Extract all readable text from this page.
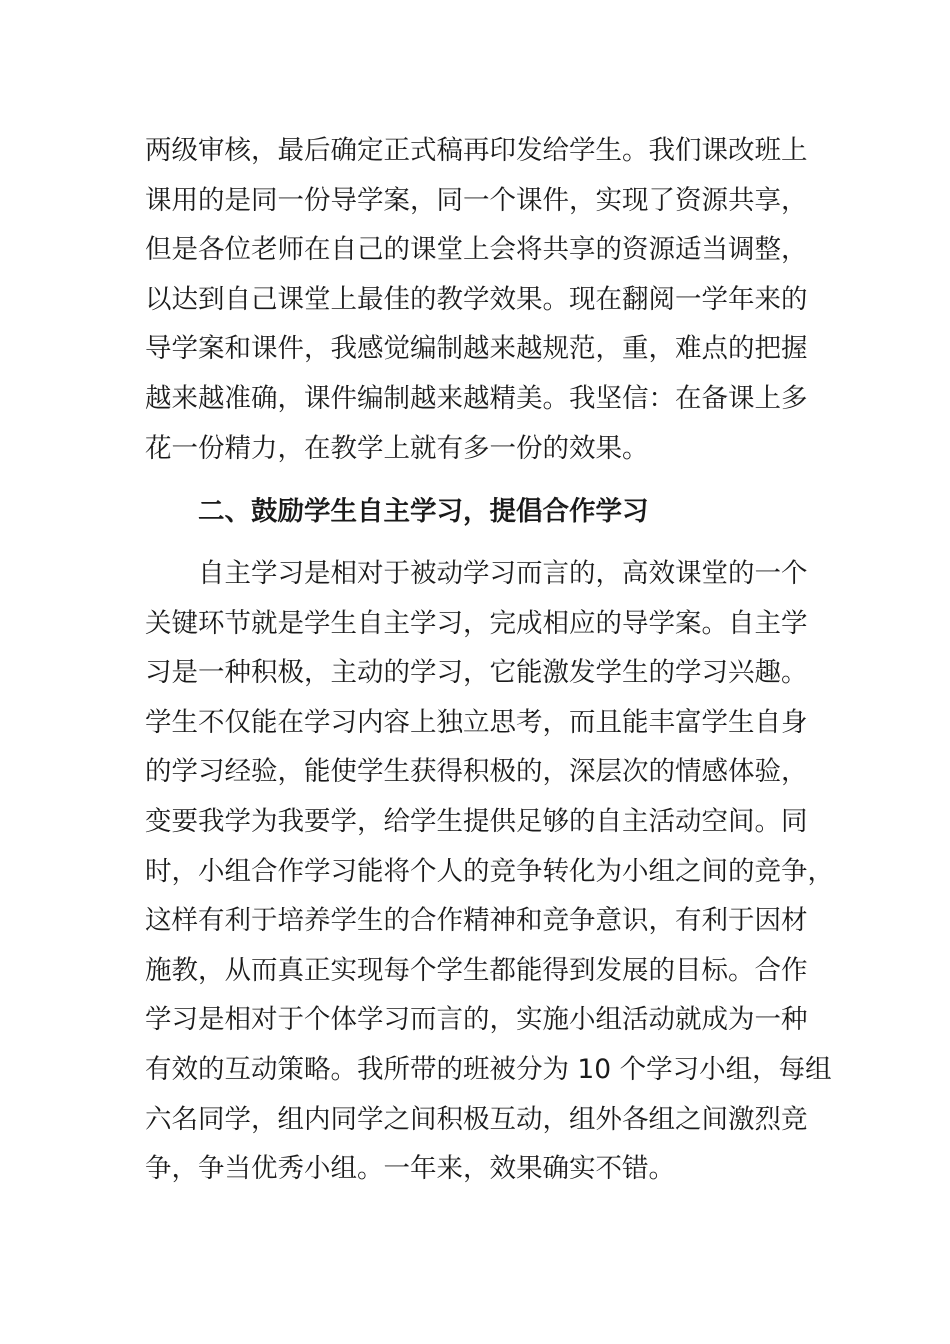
两级审核，最后确定正式稿再印发给学生。我们课改班上
课用的是同一份导学案，同一个课件，实现了资源共享，
但是各位老师在自己的课堂上会将共享的资源适当调整，
以达到自己课堂上最佳的教学效果。现在翻阅一学年来的
导学案和课件，我感觉编制越来越规范，重，难点的把握
越来越准确，课件编制越来越精美。我坚信：在备课上多
花一份精力，在教学上就有多一份的效果。
二、鼓励学生自主学习，提倡合作学习
自主学习是相对于被动学习而言的，高效课堂的一个
关键环节就是学生自主学习，完成相应的导学案。自主学
习是一种积极，主动的学习，它能激发学生的学习兴趣。
学生不仅能在学习内容上独立思考，而且能丰富学生自身
的学习经验，能使学生获得积极的，深层次的情感体验，
变要我学为我要学，给学生提供足够的自主活动空间。同
时，小组合作学习能将个人的竞争转化为小组之间的竞争，
这样有利于培养学生的合作精神和竞争意识，有利于因材
施教，从而真正实现每个学生都能得到发展的目标。合作
学习是相对于个体学习而言的，实施小组活动就成为一种
有效的互动策略。我所带的班被分为 10 个学习小组，每组
六名同学，组内同学之间积极互动，组外各组之间激烈竞
争，争当优秀小组。一年来，效果确实不错。
